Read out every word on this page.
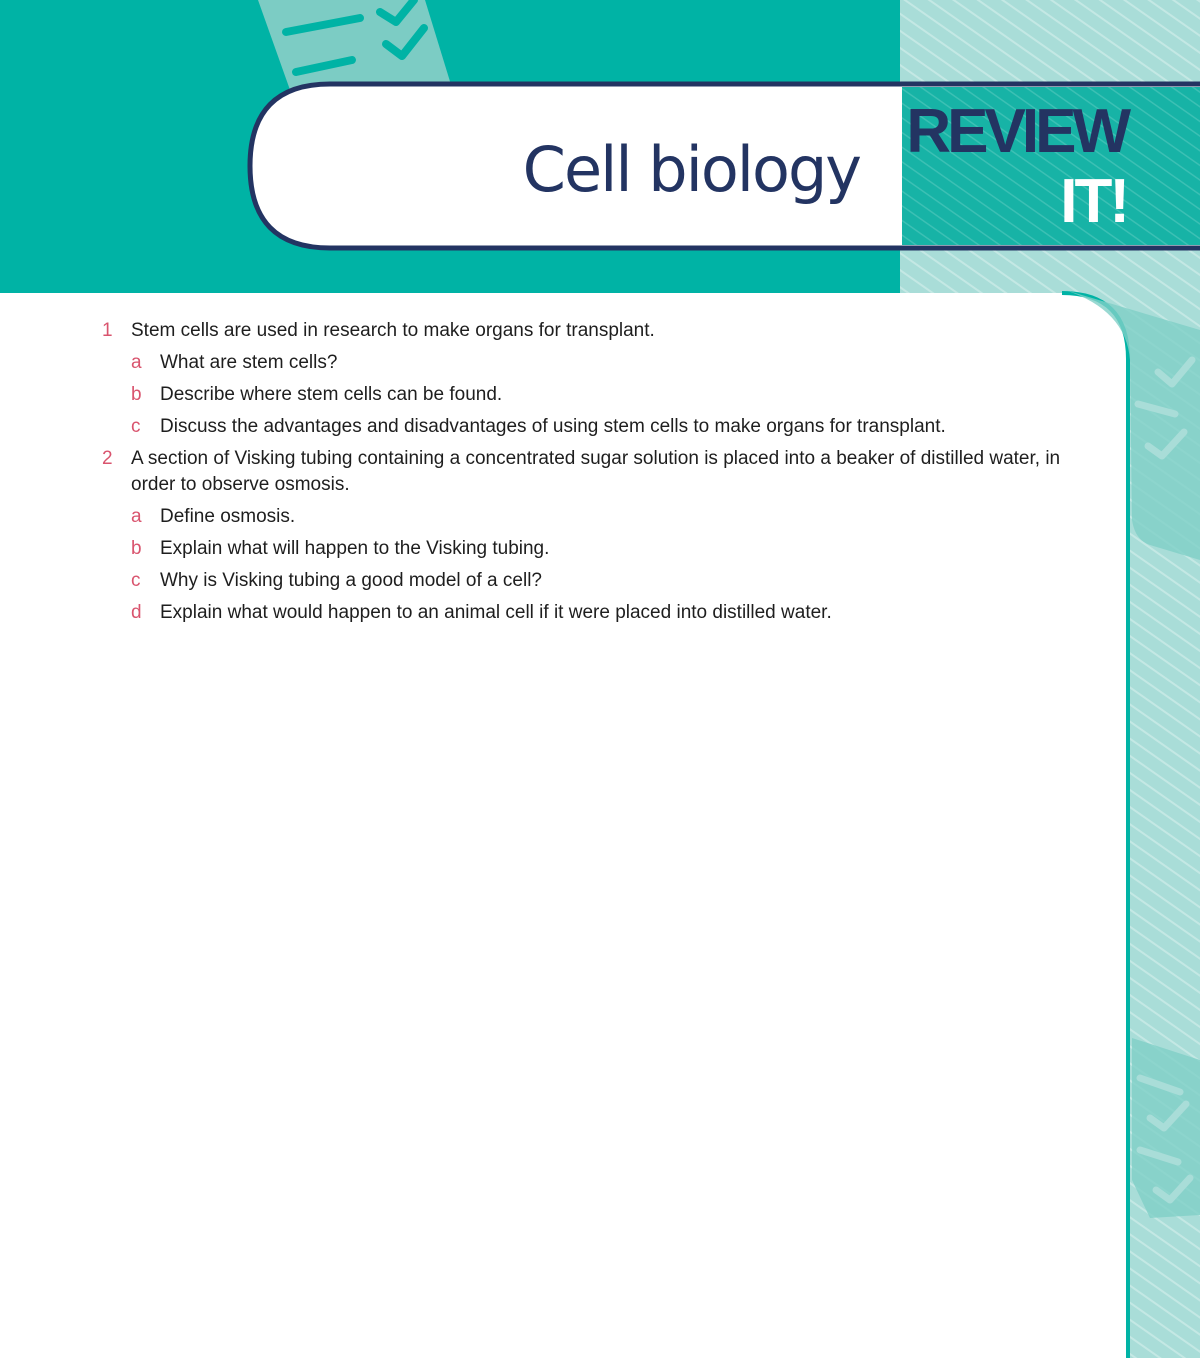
Cell biology
REVIEW
IT!
1 Stem cells are used in research to make organs for transplant.
a What are stem cells?
b Describe where stem cells can be found.
c	Discuss the advantages and disadvantages of using stem cells to make organs for transplant.
2 A section of Visking tubing containing a concentrated sugar solution is placed into a beaker of distilled water, in order to observe osmosis.
a Define osmosis.
b Explain what will happen to the Visking tubing.
c	Why is Visking tubing a good model of a cell?
d Explain what would happen to an animal cell if it were placed into distilled water.
